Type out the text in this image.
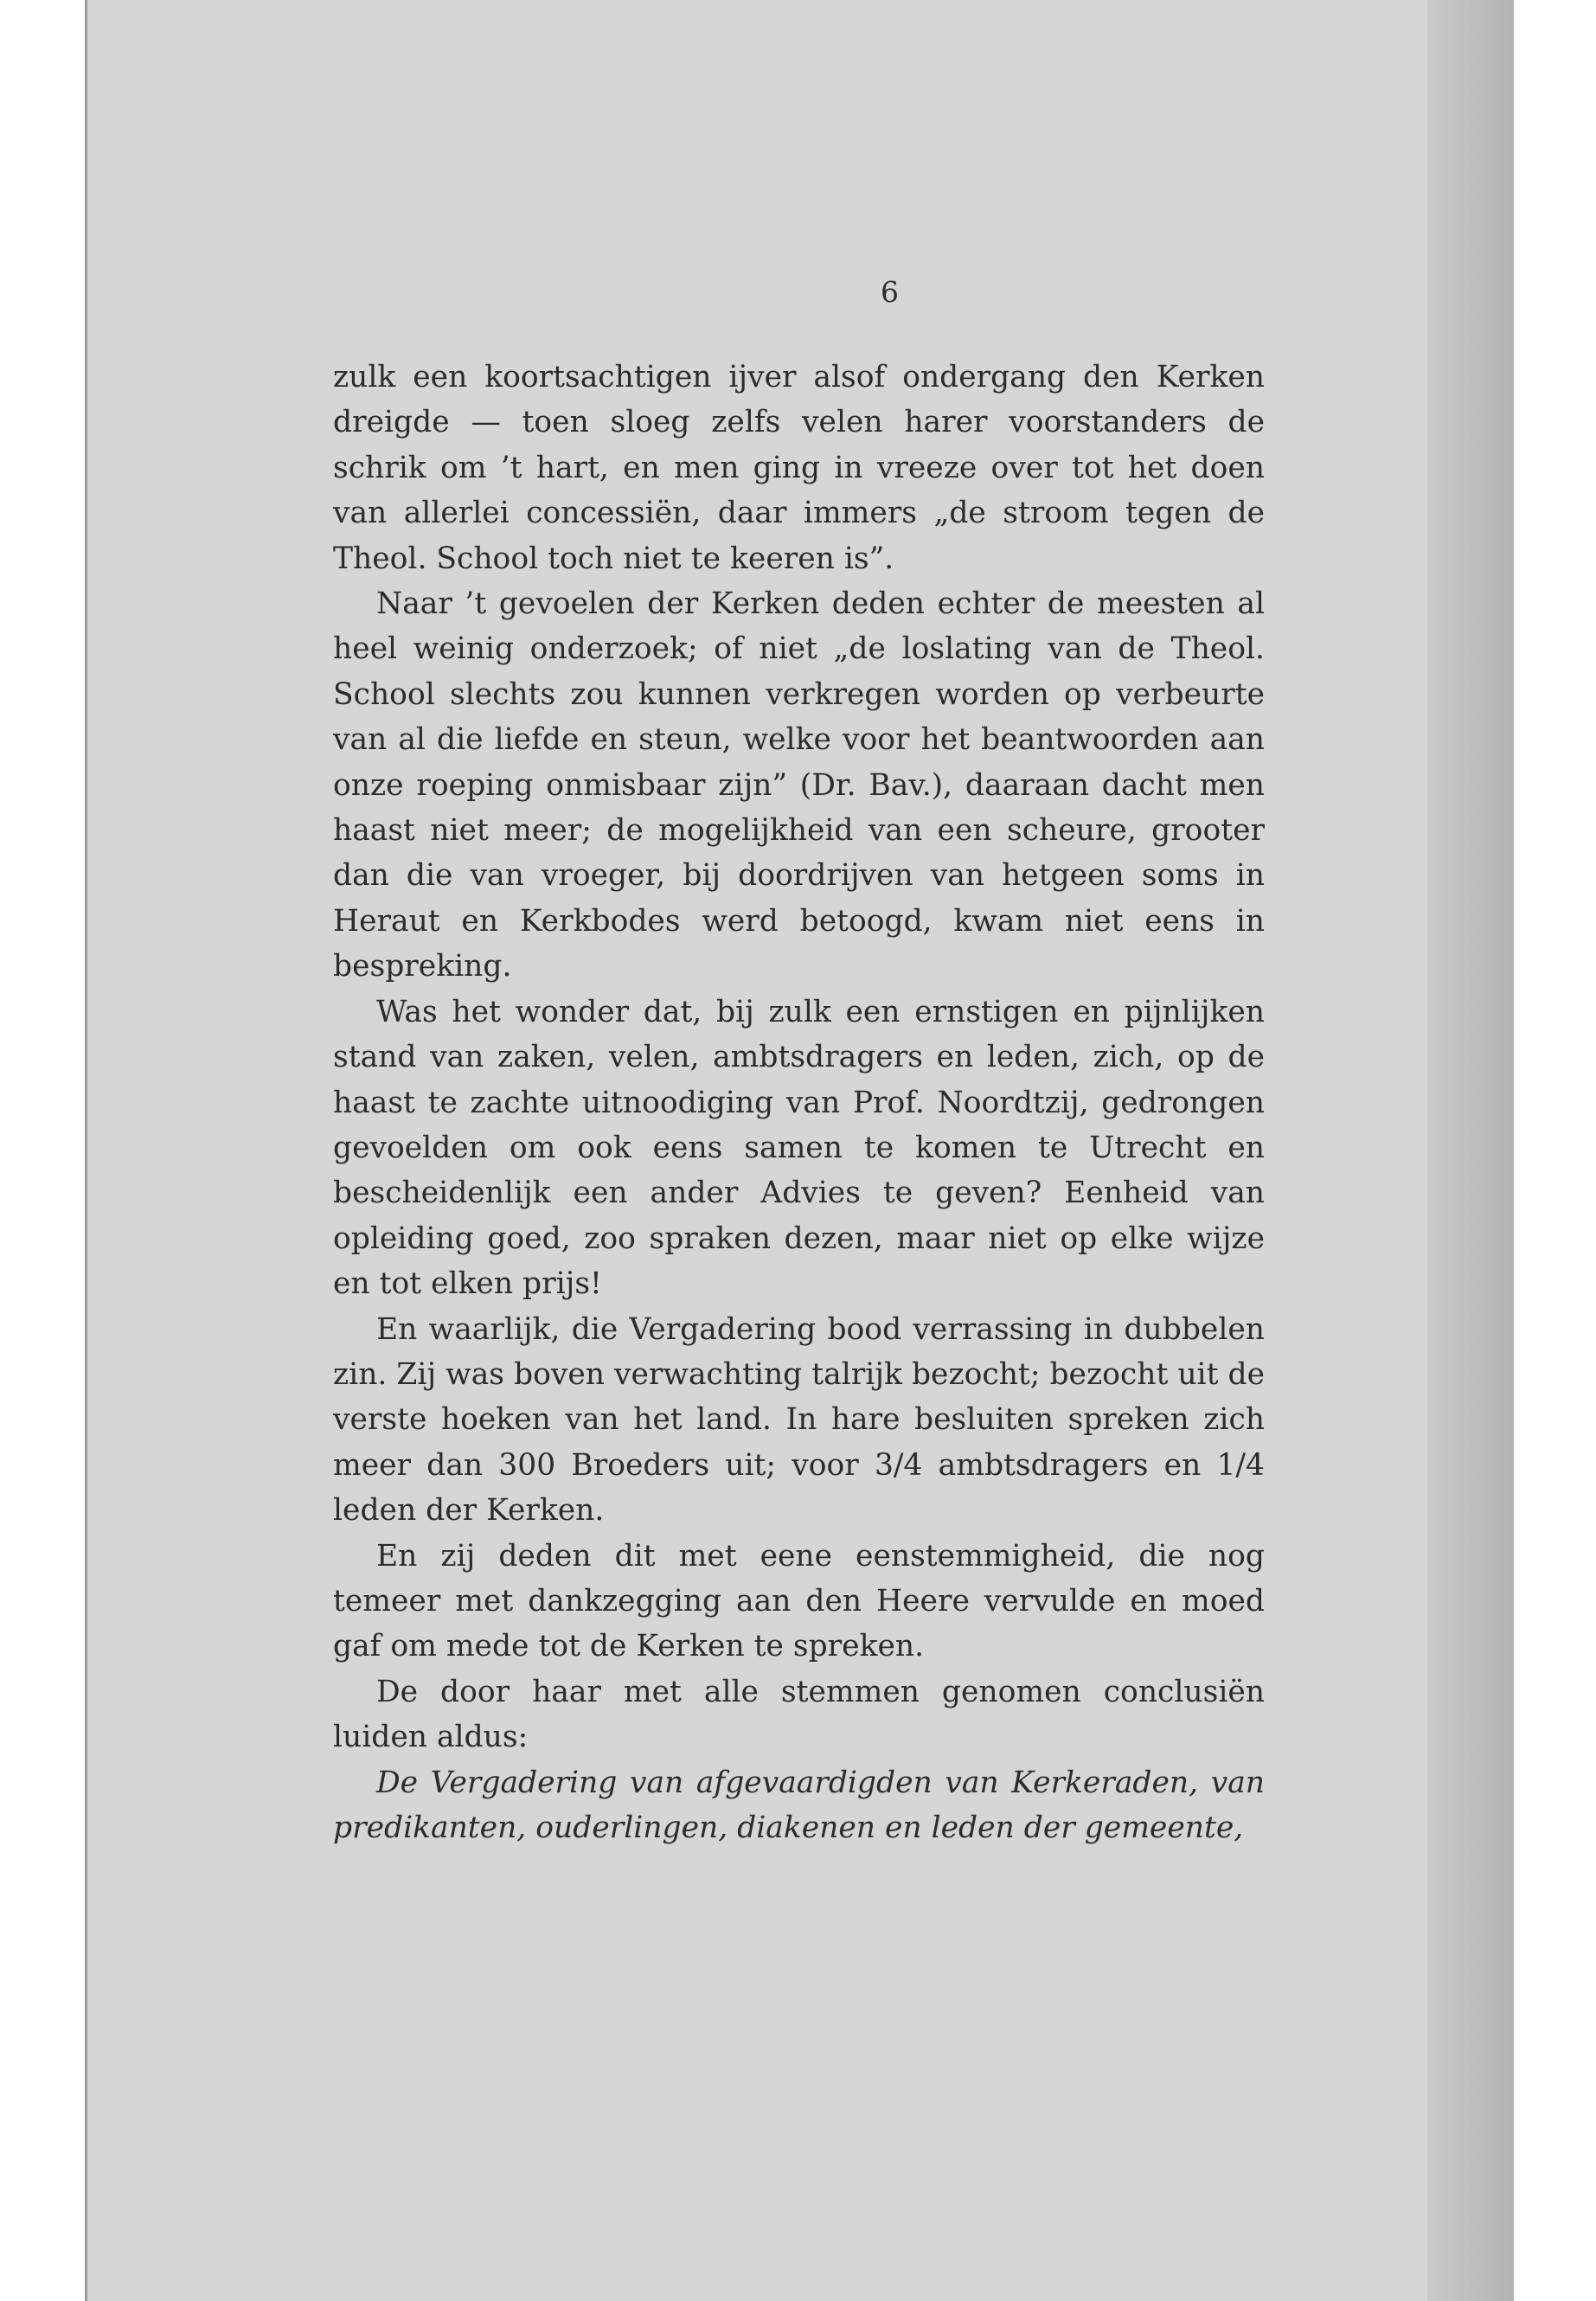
6

zulk een koortsachtigen ijver alsof ondergang den Kerken dreigde — toen sloeg zelfs velen harer voorstanders de schrik om ’t hart, en men ging in vreeze over tot het doen van allerlei concessiën, daar immers „de stroom tegen de Theol. School toch niet te keeren is”.

Naar ’t gevoelen der Kerken deden echter de meesten al heel weinig onderzoek; of niet „de loslating van de Theol. School slechts zou kunnen verkregen worden op verbeurte van al die liefde en steun, welke voor het beantwoorden aan onze roeping onmisbaar zijn” (Dr. Bav.), daaraan dacht men haast niet meer; de mogelijkheid van een scheure, grooter dan die van vroeger, bij doordrijven van hetgeen soms in Heraut en Kerkbodes werd betoogd, kwam niet eens in bespreking.

Was het wonder dat, bij zulk een ernstigen en pijnlijken stand van zaken, velen, ambtsdragers en leden, zich, op de haast te zachte uitnoodiging van Prof. Noordtzij, gedrongen gevoelden om ook eens samen te komen te Utrecht en bescheidenlijk een ander Advies te geven? Eenheid van opleiding goed, zoo spraken dezen, maar niet op elke wijze en tot elken prijs!

En waarlijk, die Vergadering bood verrassing in dubbelen zin. Zij was boven verwachting talrijk bezocht; bezocht uit de verste hoeken van het land. In hare besluiten spreken zich meer dan 300 Broeders uit; voor 3/4 ambtsdragers en 1/4 leden der Kerken.

En zij deden dit met eene eenstemmigheid, die nog temeer met dankzegging aan den Heere vervulde en moed gaf om mede tot de Kerken te spreken.

De door haar met alle stemmen genomen conclusiën luiden aldus:

De Vergadering van afgevaardigden van Kerkeraden, van predikanten, ouderlingen, diakenen en leden der gemeente,
